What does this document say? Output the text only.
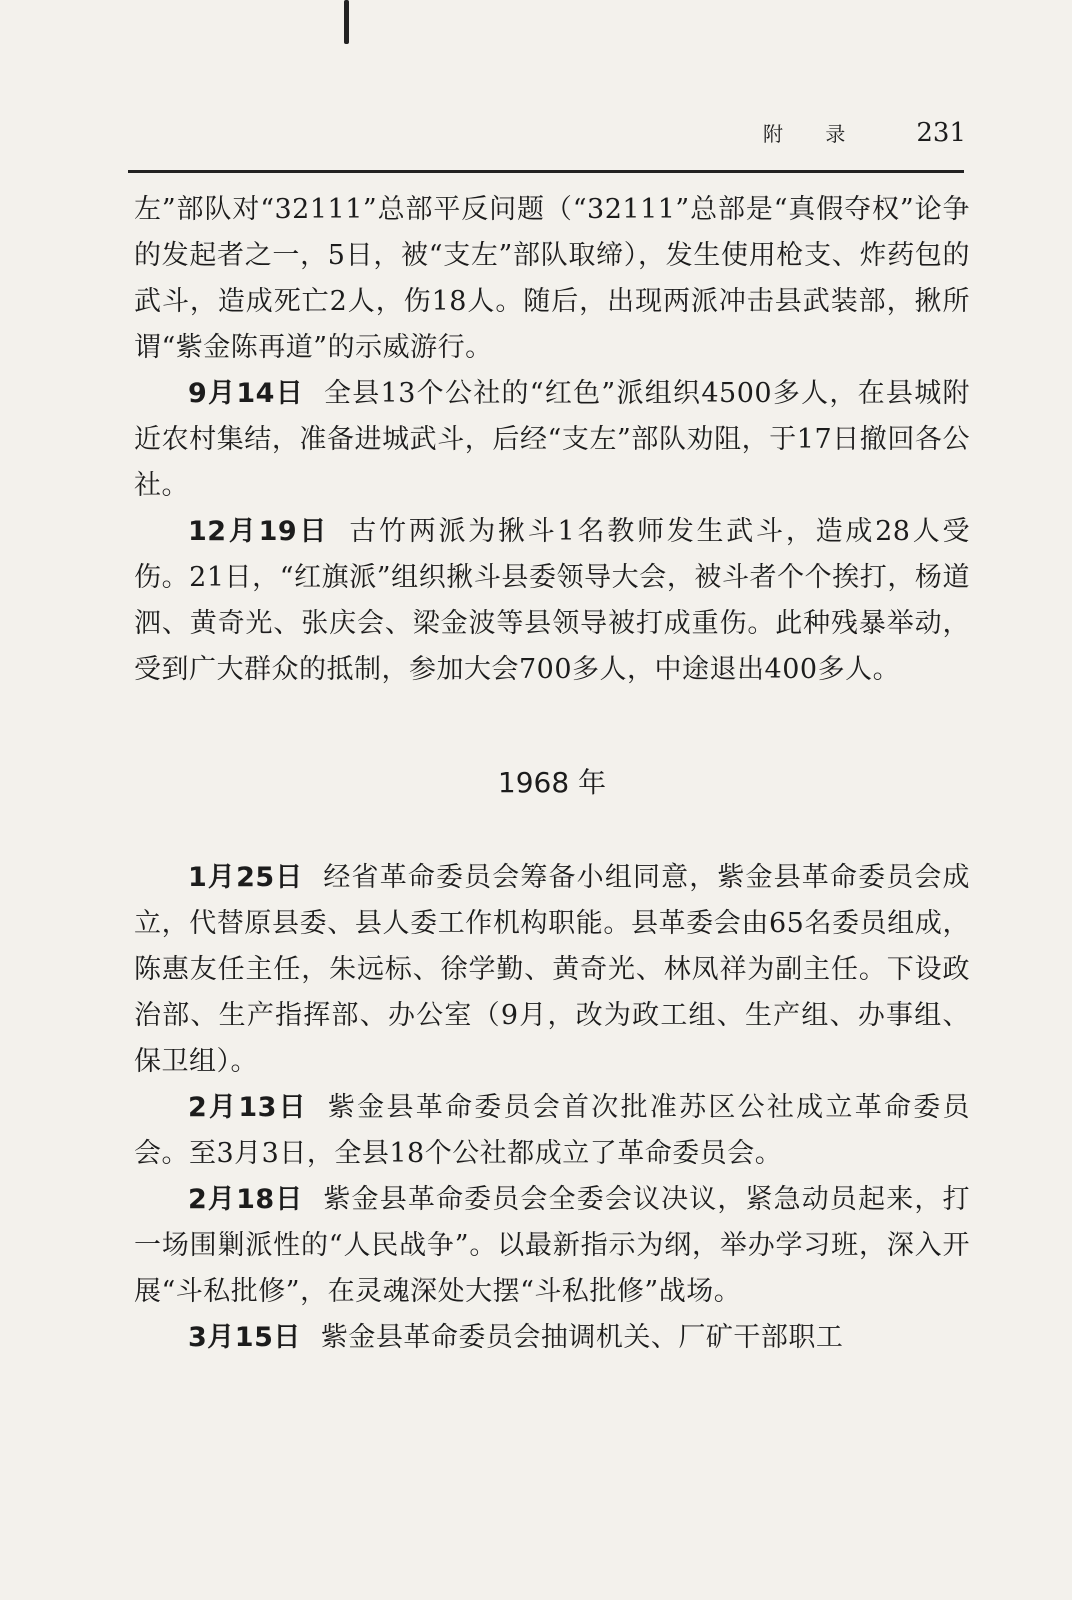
附 录 231

左”部队对“32111”总部平反问题（“32111”总部是“真假夺权”论争的发起者之一，5日，被“支左”部队取缔），发生使用枪支、炸药包的武斗，造成死亡2人，伤18人。随后，出现两派冲击县武装部，揪所谓“紫金陈再道”的示威游行。

9月14日 全县13个公社的“红色”派组织4500多人，在县城附近农村集结，准备进城武斗，后经“支左”部队劝阻，于17日撤回各公社。

12月19日 古竹两派为揪斗1名教师发生武斗，造成28人受伤。21日，“红旗派”组织揪斗县委领导大会，被斗者个个挨打，杨道泗、黄奇光、张庆会、梁金波等县领导被打成重伤。此种残暴举动，受到广大群众的抵制，参加大会700多人，中途退出400多人。

1968 年

1月25日 经省革命委员会筹备小组同意，紫金县革命委员会成立，代替原县委、县人委工作机构职能。县革委会由65名委员组成，陈惠友任主任，朱远标、徐学勤、黄奇光、林凤祥为副主任。下设政治部、生产指挥部、办公室（9月，改为政工组、生产组、办事组、保卫组）。

2月13日 紫金县革命委员会首次批准苏区公社成立革命委员会。至3月3日，全县18个公社都成立了革命委员会。

2月18日 紫金县革命委员会全委会议决议，紧急动员起来，打一场围剿派性的“人民战争”。以最新指示为纲，举办学习班，深入开展“斗私批修”，在灵魂深处大摆“斗私批修”战场。

3月15日 紫金县革命委员会抽调机关、厂矿干部职工
